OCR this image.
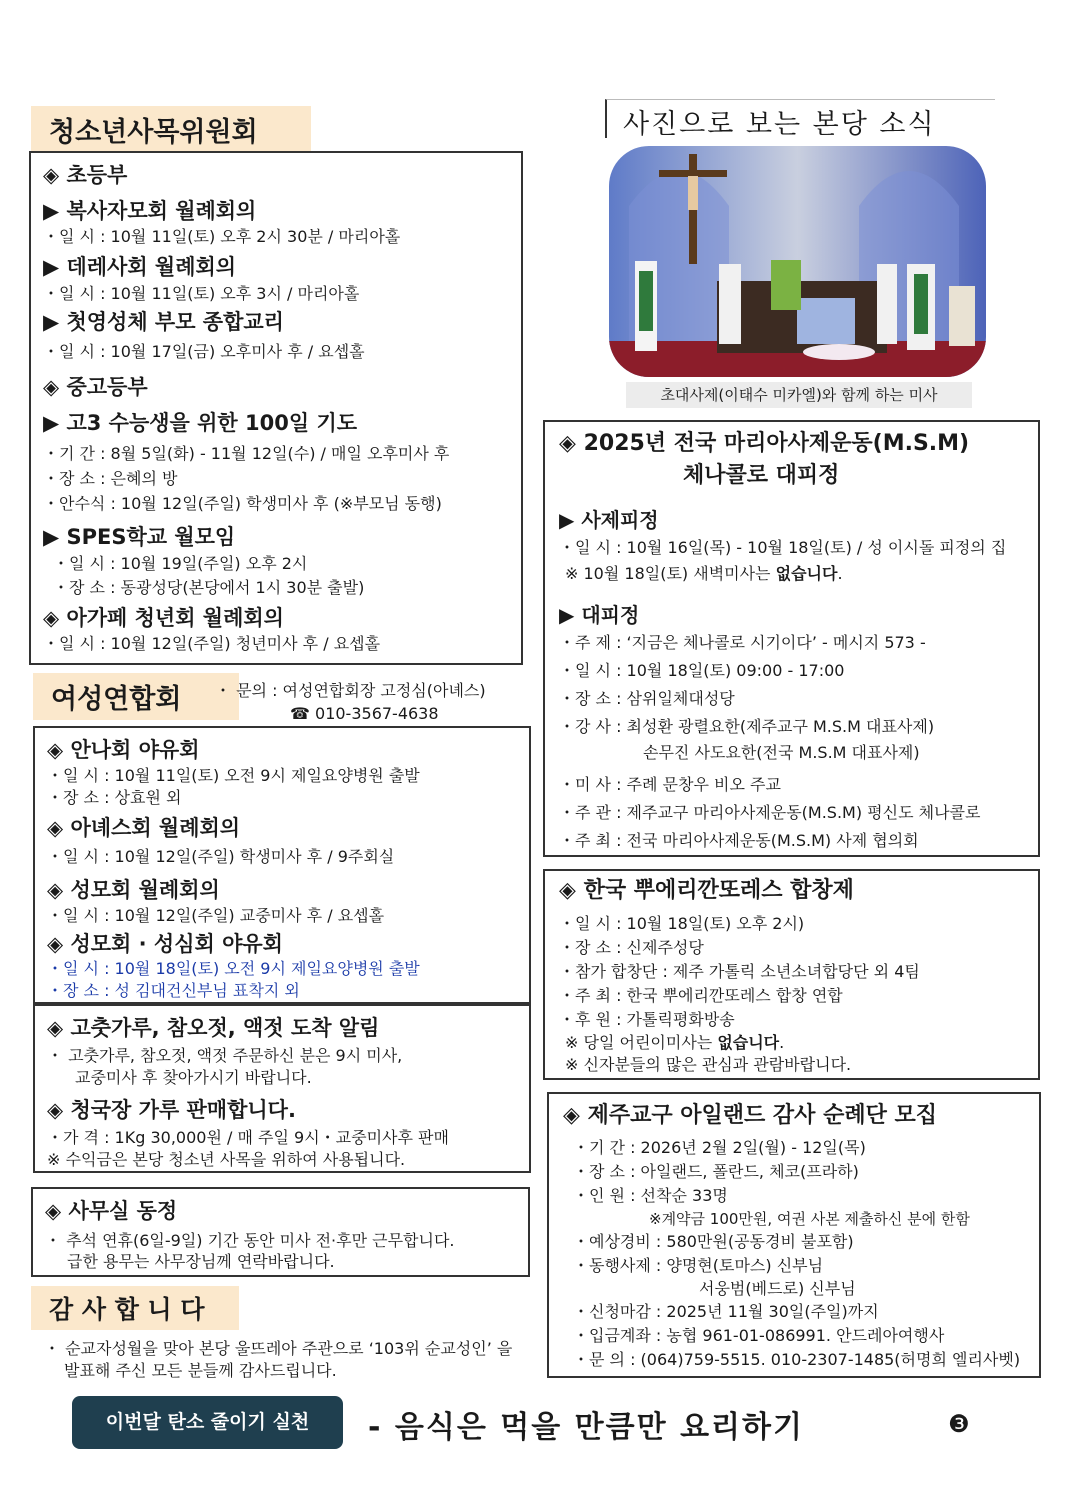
청소년사목위원회
◈ 초등부
▶ 복사자모회 월례회의
・일 시 : 10월 11일(토) 오후 2시 30분 / 마리아홀
▶ 데레사회 월례회의
・일 시 : 10월 11일(토) 오후 3시 / 마리아홀
▶ 첫영성체 부모 종합교리
・일 시 : 10월 17일(금) 오후미사 후 / 요셉홀
◈ 중고등부
▶ 고3 수능생을 위한 100일 기도
・기 간 : 8월 5일(화) - 11월 12일(수) / 매일 오후미사 후
・장 소 : 은혜의 방
・안수식 : 10월 12일(주일) 학생미사 후 (※부모님 동행)
▶ SPES학교 월모임
・일 시 : 10월 19일(주일) 오후 2시
・장 소 : 동광성당(본당에서 1시 30분 출발)
◈ 아가페 청년회 월례회의
・일 시 : 10월 12일(주일) 청년미사 후 / 요셉홀
여성연합회	・ 문의 : 여성연합회장 고정심(아녜스)
☎ 010-3567-4638
◈ 안나회 야유회
・일 시 : 10월 11일(토) 오전 9시 제일요양병원 출발
・장 소 : 상효원 외
◈ 아녜스회 월례회의
・일 시 : 10월 12일(주일) 학생미사 후 / 9주회실
◈ 성모회 월례회의
・일 시 : 10월 12일(주일) 교중미사 후 / 요셉홀
◈ 성모회 · 성심회 야유회
・일 시 : 10월 18일(토) 오전 9시 제일요양병원 출발
・장 소 : 성 김대건신부님 표착지 외
◈ 고춧가루, 참오젓, 액젓 도착 알림
・ 고춧가루, 참오젓, 액젓 주문하신 분은 9시 미사,
교중미사 후 찾아가시기 바랍니다.
◈ 청국장 가루 판매합니다.
・가 격 : 1Kg 30,000원 / 매 주일 9시・교중미사후 판매
※ 수익금은 본당 청소년 사목을 위하여 사용됩니다.
◈ 사무실 동정
・ 추석 연휴(6일-9일) 기간 동안 미사 전·후만 근무합니다.
급한 용무는 사무장님께 연락바랍니다.
감 사 합 니 다
・ 순교자성월을 맞아 본당 울뜨레아 주관으로 ‘103위 순교성인’ 을
발표해 주신 모든 분들께 감사드립니다.
사진으로 보는 본당 소식
초대사제(이태수 미카엘)와 함께 하는 미사
◈ 2025년 전국 마리아사제운동(M.S.M)
체나콜로 대피정
▶ 사제피정
・일 시 : 10월 16일(목) - 10월 18일(토) / 성 이시돌 피정의 집
※ 10월 18일(토) 새벽미사는 없습니다.
▶ 대피정
・주 제 : ‘지금은 체나콜로 시기이다’ - 메시지 573 -
・일 시 : 10월 18일(토) 09:00 - 17:00
・장 소 : 삼위일체대성당
・강 사 : 최성환 광렬요한(제주교구 M.S.M 대표사제)
손무진 사도요한(전국 M.S.M 대표사제)
・미 사 : 주례 문창우 비오 주교
・주 관 : 제주교구 마리아사제운동(M.S.M) 평신도 체나콜로
・주 최 : 전국 마리아사제운동(M.S.M) 사제 협의회
◈ 한국 뿌에리깐또레스 합창제
・일 시 : 10월 18일(토) 오후 2시)
・장 소 : 신제주성당
・참가 합창단 : 제주 가톨릭 소년소녀합당단 외 4팀
・주 최 : 한국 뿌에리깐또레스 합창 연합
・후 원 : 가톨릭평화방송
※ 당일 어린이미사는 없습니다.
※ 신자분들의 많은 관심과 관람바랍니다.
◈ 제주교구 아일랜드 감사 순례단 모집
・기 간 : 2026년 2월 2일(월) - 12일(목)
・장 소 : 아일랜드, 폴란드, 체코(프라하)
・인 원 : 선착순 33명
※계약금 100만원, 여권 사본 제출하신 분에 한함
・예상경비 : 580만원(공동경비 불포함)
・동행사제 : 양명현(토마스) 신부님
서웅범(베드로) 신부님
・신청마감 : 2025년 11월 30일(주일)까지
・입금계좌 : 농협 961-01-086991. 안드레아여행사
・문 의 : (064)759-5515. 010-2307-1485(허명희 엘리사벳)
이번달 탄소 줄이기 실천	- 음식은 먹을 만큼만 요리하기	❸
